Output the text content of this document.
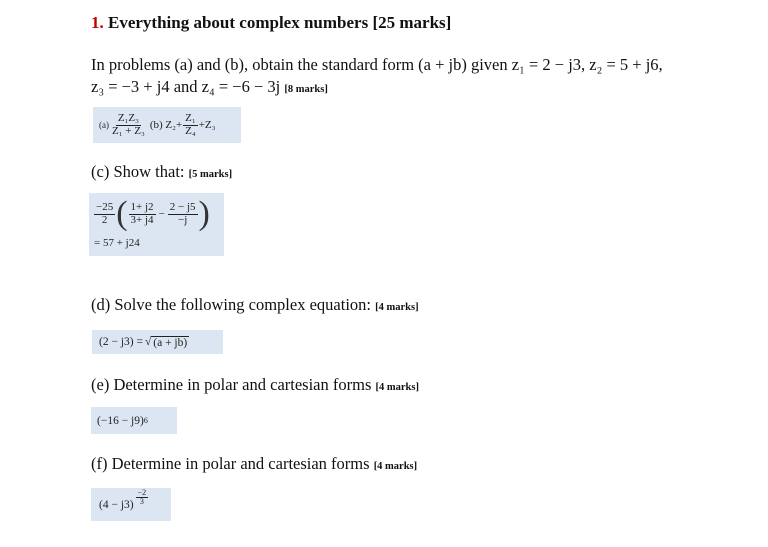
1. Everything about complex numbers [25 marks]
In problems (a) and (b), obtain the standard form (a + jb) given z₁ = 2 − j3, z₂ = 5 + j6,
z₃ = −3 + j4 and z₄ = −6 − 3j [8 marks]
$(a) \frac{\text{Z₁Z₃}}{\text{Z₁ + Z₃}} (b)$ $Z_2+ \frac{\text{Z₁}}{\text{Z₄}} +Z_3$
(c) Show that: [5 marks]
$\frac{-25}{2}$ ( $\frac{1+ j2}{3+ j4} - \frac{2 - j5}{-j}$ )
= 57 + j24
(d) Solve the following complex equation: [4 marks]
(2 − j3) = √ (a + jb)
(e) Determine in polar and cartesian forms [4 marks]
(−16 − j9) 6
(f) Determine in polar and cartesian forms [4 marks]
$(4 - j3) \frac{-2}{3}$
